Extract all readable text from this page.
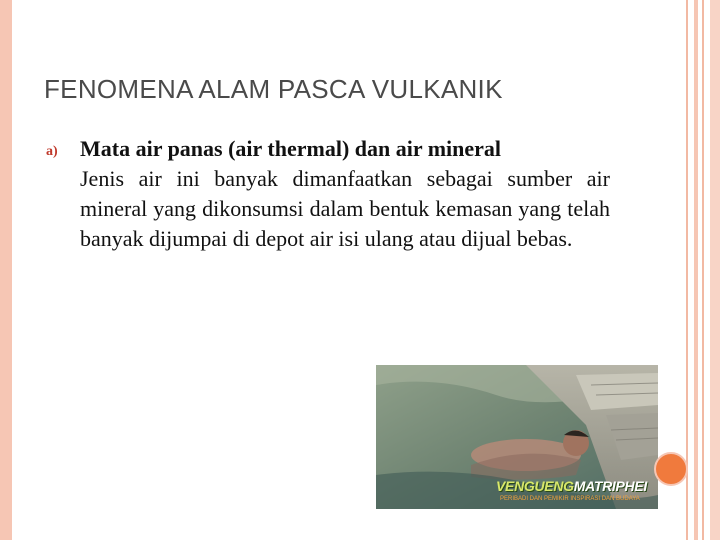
FENOMENA ALAM PASCA VULKANIK
a) Mata air panas (air thermal) dan air mineral
Jenis air ini banyak dimanfaatkan sebagai sumber air mineral yang dikonsumsi dalam bentuk kemasan yang telah banyak dijumpai di depot air isi ulang atau dijual bebas.
VENGUENGMATRIPHEI
PERIBADI DAN PEMIKIR INSPIRASI DAN BUDAYA
